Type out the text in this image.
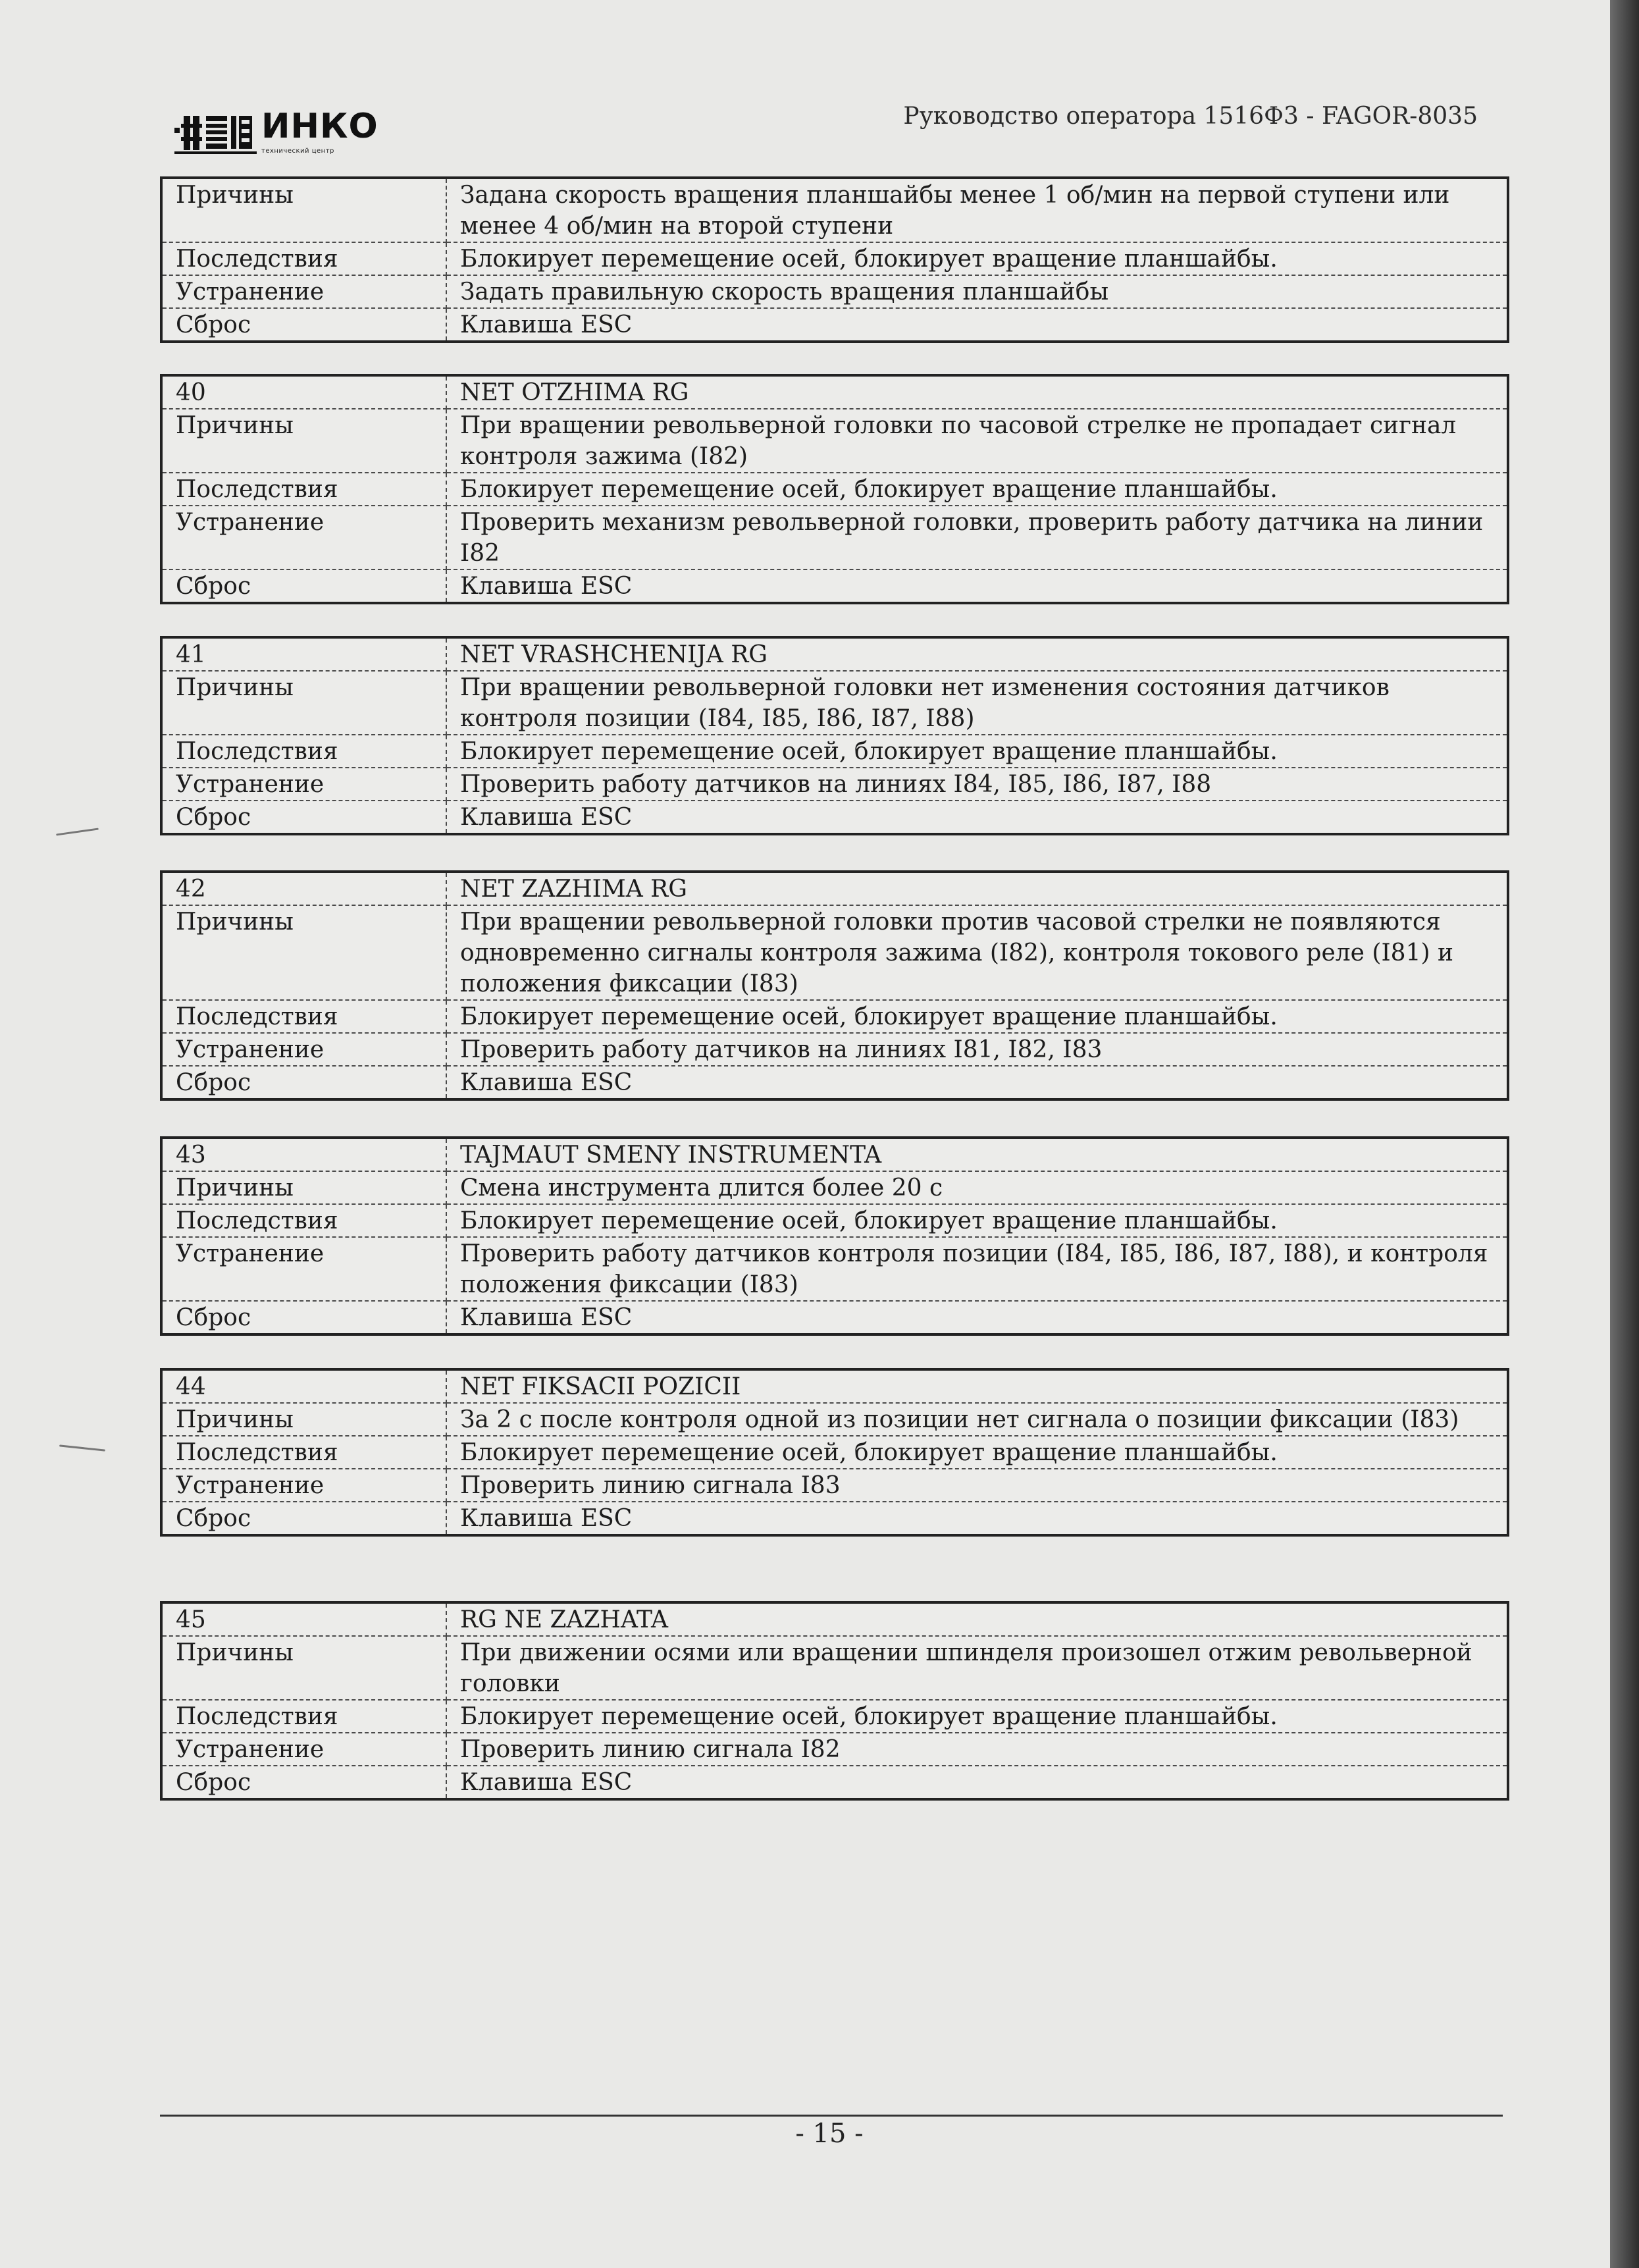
ИНКО
технический центр
Руководство оператора 1516Ф3 - FAGOR-8035
Причины	Задана скорость вращения планшайбы менее 1 об/мин на первой ступени или менее 4 об/мин на второй ступени
Последствия	Блокирует перемещение осей, блокирует вращение планшайбы.
Устранение	Задать правильную скорость вращения планшайбы
Сброс	Клавиша ESC
40	NET OTZHIMA RG
Причины	При вращении револьверной головки по часовой стрелке не пропадает сигнал контроля зажима (I82)
Последствия	Блокирует перемещение осей, блокирует вращение планшайбы.
Устранение	Проверить механизм револьверной головки, проверить работу датчика на линии I82
Сброс	Клавиша ESC
41	NET VRASHCHENIJA RG
Причины	При вращении револьверной головки нет изменения состояния датчиков контроля позиции (I84, I85, I86, I87, I88)
Последствия	Блокирует перемещение осей, блокирует вращение планшайбы.
Устранение	Проверить работу датчиков на линиях I84, I85, I86, I87, I88
Сброс	Клавиша ESC
42	NET ZAZHIMA RG
Причины	При вращении револьверной головки против часовой стрелки не появляются одновременно сигналы контроля зажима (I82), контроля токового реле (I81) и положения фиксации (I83)
Последствия	Блокирует перемещение осей, блокирует вращение планшайбы.
Устранение	Проверить работу датчиков на линиях I81, I82, I83
Сброс	Клавиша ESC
43	TAJMAUT SMENY INSTRUMENTA
Причины	Смена инструмента длится более 20 с
Последствия	Блокирует перемещение осей, блокирует вращение планшайбы.
Устранение	Проверить работу датчиков контроля позиции (I84, I85, I86, I87, I88), и контроля положения фиксации (I83)
Сброс	Клавиша ESC
44	NET FIKSACII POZICII
Причины	За 2 с после контроля одной из позиции нет сигнала о позиции фиксации (I83)
Последствия	Блокирует перемещение осей, блокирует вращение планшайбы.
Устранение	Проверить линию сигнала I83
Сброс	Клавиша ESC
45	RG NE ZAZHATA
Причины	При движении осями или вращении шпинделя произошел отжим револьверной головки
Последствия	Блокирует перемещение осей, блокирует вращение планшайбы.
Устранение	Проверить линию сигнала I82
Сброс	Клавиша ESC
- 15 -
